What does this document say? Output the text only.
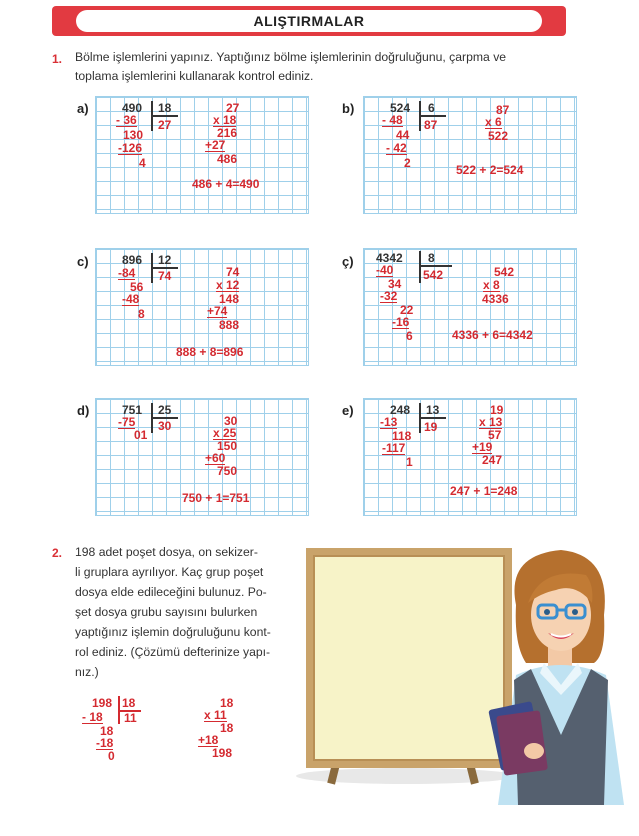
ALIŞTIRMALAR
1. Bölme işlemlerini yapınız. Yaptığınız bölme işlemlerinin doğruluğunu, çarpma ve
toplama işlemlerini kullanarak kontrol ediniz.
a)	490 18
27
- 36
130
-126
4
27
x 18
216
+27
486
486 + 4=490
b)	524 6
87
- 48
44
- 42
2
87
x 6
522
522 + 2=524
c)	896 12
74
-84
56
-48
8
74
x 12
148
+74
888
888 + 8=896
ç) 4342 8
542
-40
34
-32
22
-16
6
542
x 8
4336
4336 + 6=4342
d)	751 25
30
-75
01
30
x 25
150
+60
750
750 + 1=751
e)	248 13
19
-13
118
-117
1
19
x 13
57
+19
247
247 + 1=248
2. 198 adet poşet dosya, on sekizer-
li gruplara ayrılıyor. Kaç grup poşet
dosya elde edileceğini bulunuz. Po-
şet dosya grubu sayısını bulurken
yaptığınız işlemin doğruluğunu kont-
rol ediniz. (Çözümü defterinize yapı-
nız.)
198 18
11
- 18
18
-18
0
18
x 11
18
+18
198
